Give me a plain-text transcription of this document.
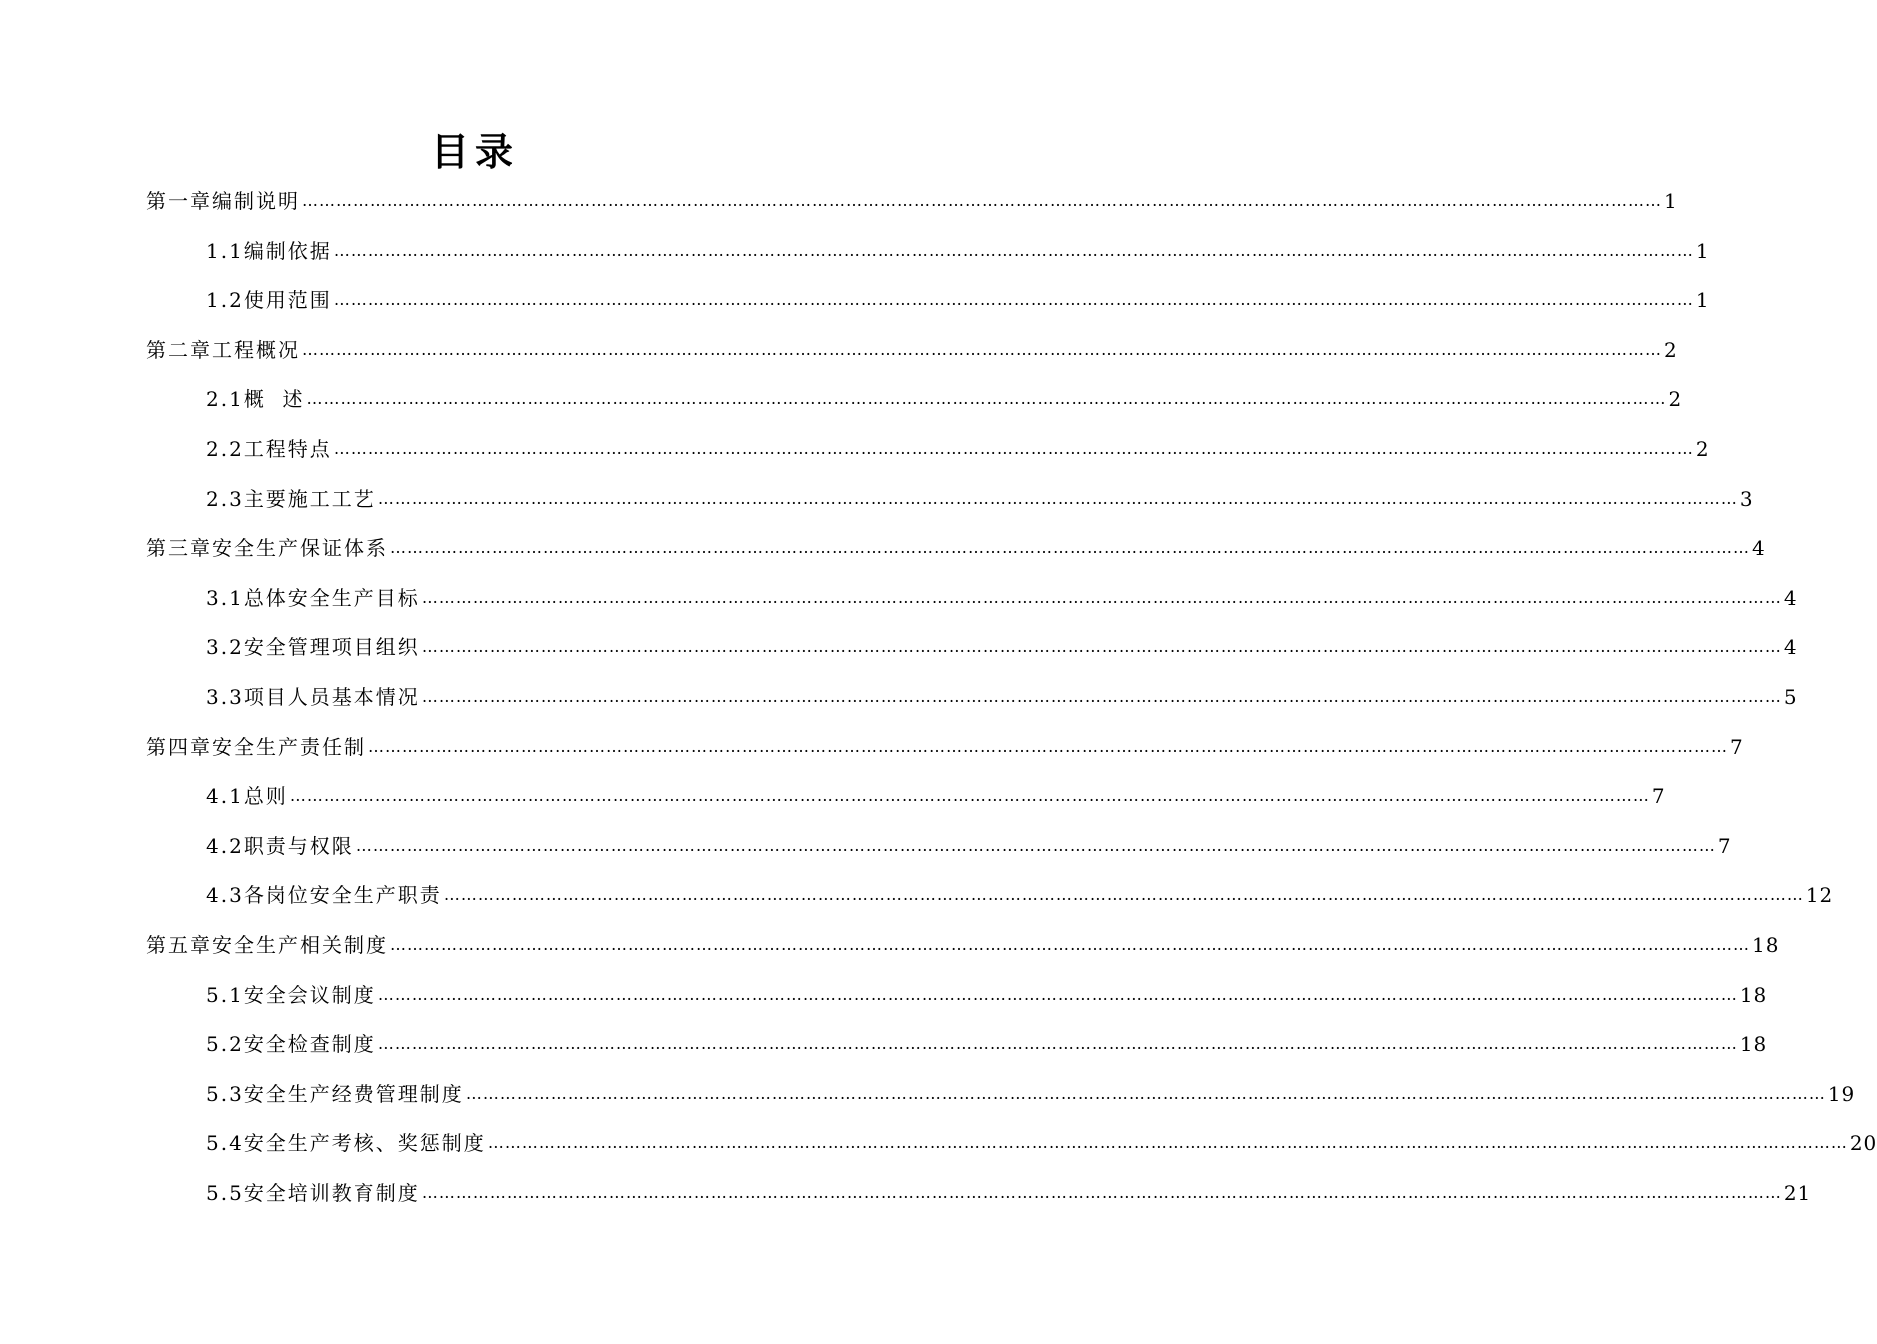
目录
第一章 编制说明 …………………………………………………………………………………………………………………………………………………………………………………………………………………… 1
1.1 编制依据 …………………………………………………………………………………………………………………………………………………………………………………………………………………… 1
1.2 使用范围 …………………………………………………………………………………………………………………………………………………………………………………………………………………… 1
第二章 工程概况 …………………………………………………………………………………………………………………………………………………………………………………………………………………… 2
2.1 概  述 …………………………………………………………………………………………………………………………………………………………………………………………………………………… 2
2.2 工程特点 …………………………………………………………………………………………………………………………………………………………………………………………………………………… 2
2.3 主要施工工艺 …………………………………………………………………………………………………………………………………………………………………………………………………………………… 3
第三章 安全生产保证体系 …………………………………………………………………………………………………………………………………………………………………………………………………………………… 4
3.1 总体安全生产目标 …………………………………………………………………………………………………………………………………………………………………………………………………………………… 4
3.2 安全管理项目组织 …………………………………………………………………………………………………………………………………………………………………………………………………………………… 4
3.3 项目人员基本情况 …………………………………………………………………………………………………………………………………………………………………………………………………………………… 5
第四章 安全生产责任制 …………………………………………………………………………………………………………………………………………………………………………………………………………………… 7
4.1 总则 …………………………………………………………………………………………………………………………………………………………………………………………………………………… 7
4.2 职责与权限 …………………………………………………………………………………………………………………………………………………………………………………………………………………… 7
4.3 各岗位安全生产职责 …………………………………………………………………………………………………………………………………………………………………………………………………………………… 12
第五章 安全生产相关制度 …………………………………………………………………………………………………………………………………………………………………………………………………………………… 18
5.1 安全会议制度 …………………………………………………………………………………………………………………………………………………………………………………………………………………… 18
5.2 安全检查制度 …………………………………………………………………………………………………………………………………………………………………………………………………………………… 18
5.3 安全生产经费管理制度 …………………………………………………………………………………………………………………………………………………………………………………………………………………… 19
5.4 安全生产考核、奖惩制度 …………………………………………………………………………………………………………………………………………………………………………………………………………………… 20
5.5 安全培训教育制度 …………………………………………………………………………………………………………………………………………………………………………………………………………………… 21
